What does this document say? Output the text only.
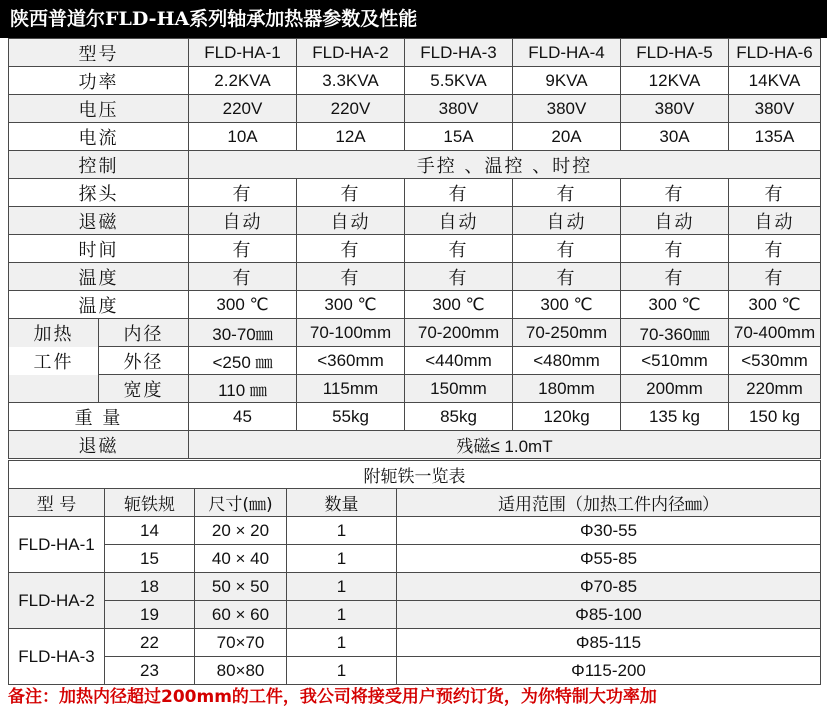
陕西普道尔FLD-HA系列轴承加热器参数及性能
型号		FLD-HA-1	FLD-HA-2	FLD-HA-3	FLD-HA-4	FLD-HA-5	FLD-HA-6
功率		2.2KVA	3.3KVA	5.5KVA	9KVA	12KVA	14KVA
电压		220V	220V	380V	380V	380V	380V
电流		10A	12A	15A	20A	30A	135A
控制		手控 、温控 、时控					
探头		有	有	有	有	有	有
退磁		自动	自动	自动	自动	自动	自动
时间		有	有	有	有	有	有
温度		有	有	有	有	有	有
温度		300 ℃	300 ℃	300 ℃	300 ℃	300 ℃	300 ℃
加热	内径	30-70㎜	70-100mm	70-200mm	70-250mm	70-360㎜	70-400mm
工件	外径	<250 ㎜	<360mm	<440mm	<480mm	<510mm	<530mm
	宽度	110 ㎜	115mm	150mm	180mm	200mm	220mm
重 量		45	55kg	85kg	120kg	135 kg	150 kg
退磁		残磁≤ 1.0mT					
附轭铁一览表				
型 号	轭铁规	尺寸(㎜)	数量	适用范围（加热工件内径㎜）
FLD-HA-1	14	20 × 20	1	Φ30-55
	15	40 × 40	1	Φ55-85
FLD-HA-2	18	50 × 50	1	Φ70-85
	19	60 × 60	1	Φ85-100
FLD-HA-3	22	70×70	1	Φ85-115
	23	80×80	1	Φ115-200
备注：加热内径超过200mm的工件，我公司将接受用户预约订货，为你特制大功率加
